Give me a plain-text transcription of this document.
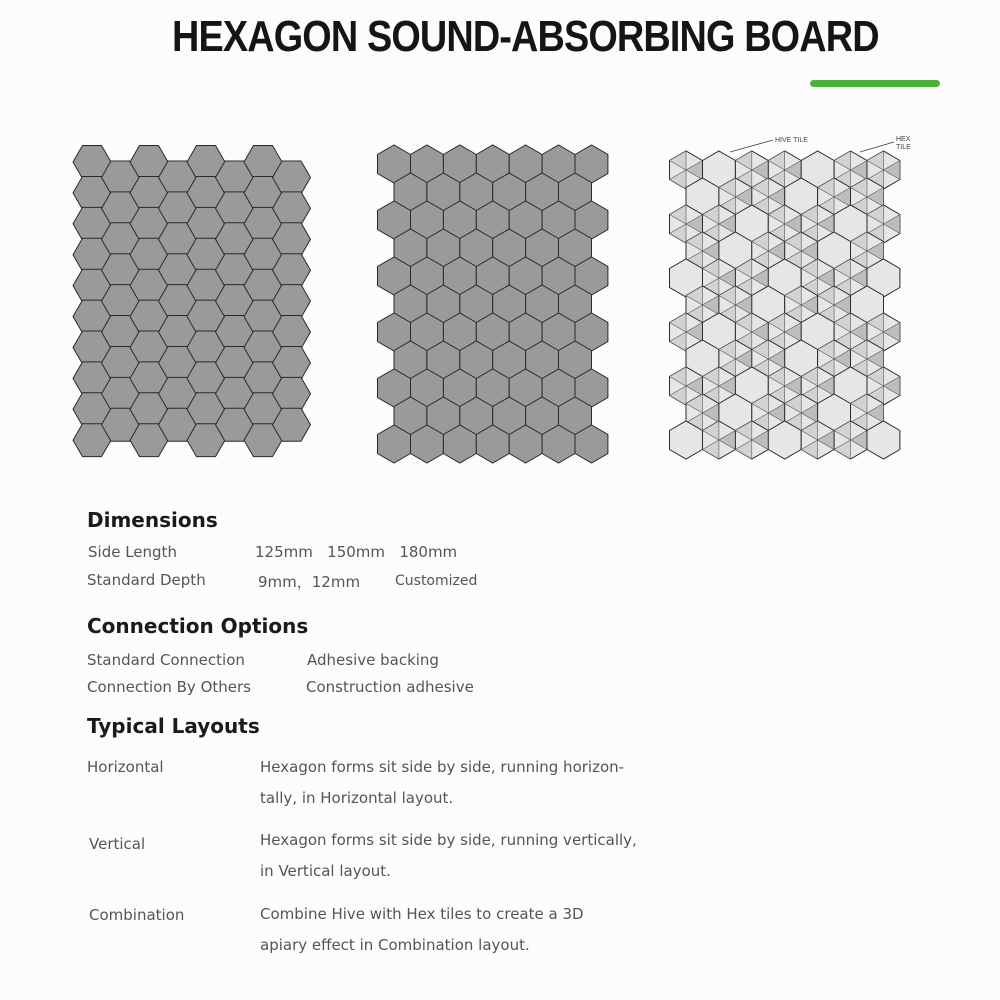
HEXAGON SOUND-ABSORBING BOARD
HIVE TILE	HEX
TILE
Dimensions
Side Length	125mm   150mm   180mm
Standard Depth	9mm，12mm Customized
Connection Options
Standard Connection	Adhesive backing
Connection By Others	Construction adhesive
Typical Layouts
Horizontal	Hexagon forms sit side by side, running horizon-
tally, in Horizontal layout.
Vertical	Hexagon forms sit side by side, running vertically,
in Vertical layout.
Combination	Combine Hive with Hex tiles to create a 3D
apiary effect in Combination layout.
